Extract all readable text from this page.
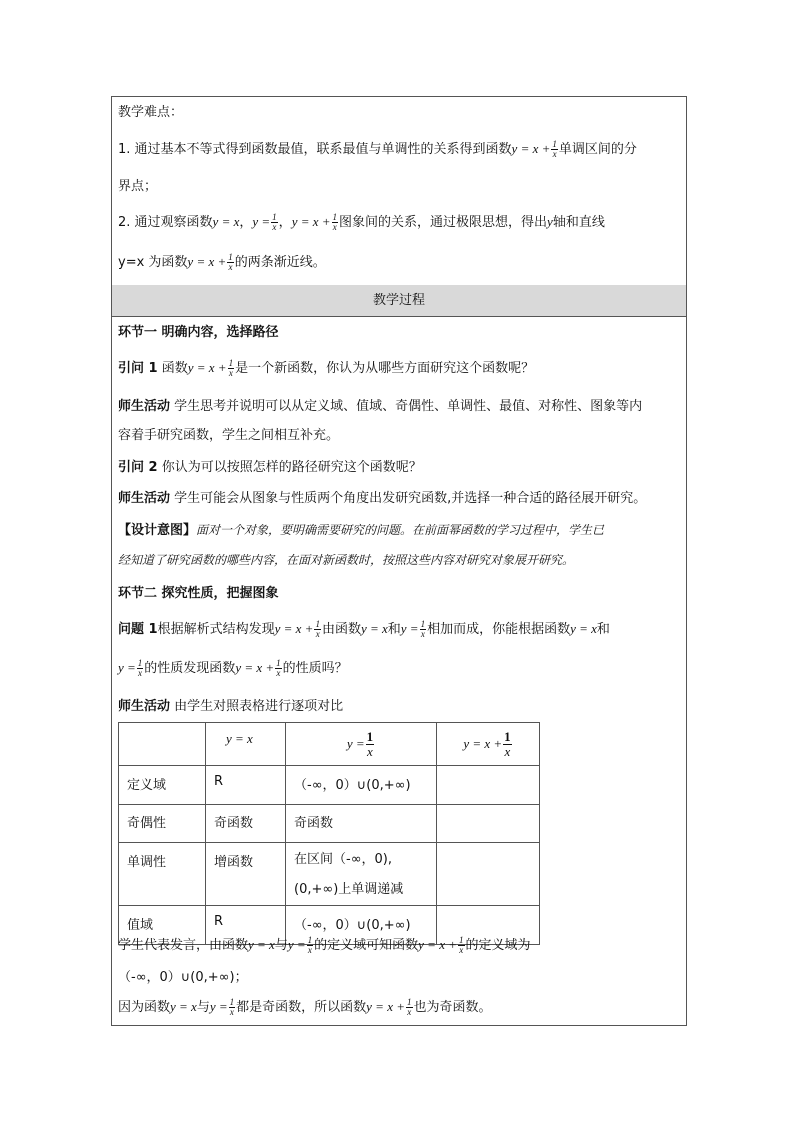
教学难点：
1. 通过基本不等式得到函数最值，联系最值与单调性的关系得到函数$y = x + \frac{1}{x}$ 单调区间的分
界点；
2. 通过观察函数y = x，$y = \frac{1}{x}$ ，$y = x + \frac{1}{x}$ 图象间的关系，通过极限思想，得出y轴和直线
y=x 为函数$y = x + \frac{1}{x}$ 的两条渐近线。
教学过程
环节一 明确内容，选择路径
引问 1 函数$y = x + \frac{1}{x}$ 是一个新函数，你认为从哪些方面研究这个函数呢？
师生活动 学生思考并说明可以从定义域、值域、奇偶性、单调性、最值、对称性、图象等内
容着手研究函数，学生之间相互补充。
引问 2 你认为可以按照怎样的路径研究这个函数呢？
师生活动 学生可能会从图象与性质两个角度出发研究函数,并选择一种合适的路径展开研究。
【设计意图】面对一个对象，要明确需要研究的问题。在前面幂函数的学习过程中，学生已
经知道了研究函数的哪些内容，在面对新函数时，按照这些内容对研究对象展开研究。
环节二 探究性质，把握图象
问题 1根据解析式结构发现$y = x + \frac{1}{x}$ 由函数y = x和$y = \frac{1}{x}$ 相加而成，你能根据函数y = x和
$y = \frac{1}{x}$ 的性质发现函数$y = x + \frac{1}{x}$ 的性质吗？
师生活动 由学生对照表格进行逐项对比
	y = x	$y = \frac{1}{x}$	$y = x + \frac{1}{x}$

定义域	R	（-∞，0）∪(0,+∞)	
奇偶性	奇函数	奇函数	
单调性	增函数	在区间（-∞，0),
(0,+∞)上单调递减	

值域	R	（-∞，0）∪(0,+∞)	
学生代表发言，由函数y = x与$y = \frac{1}{x}$ 的定义域可知函数$y = x + \frac{1}{x}$ 的定义域为
（-∞，0）∪(0,+∞)；
因为函数y = x与$y = \frac{1}{x}$ 都是奇函数，所以函数$y = x + \frac{1}{x}$ 也为奇函数。
